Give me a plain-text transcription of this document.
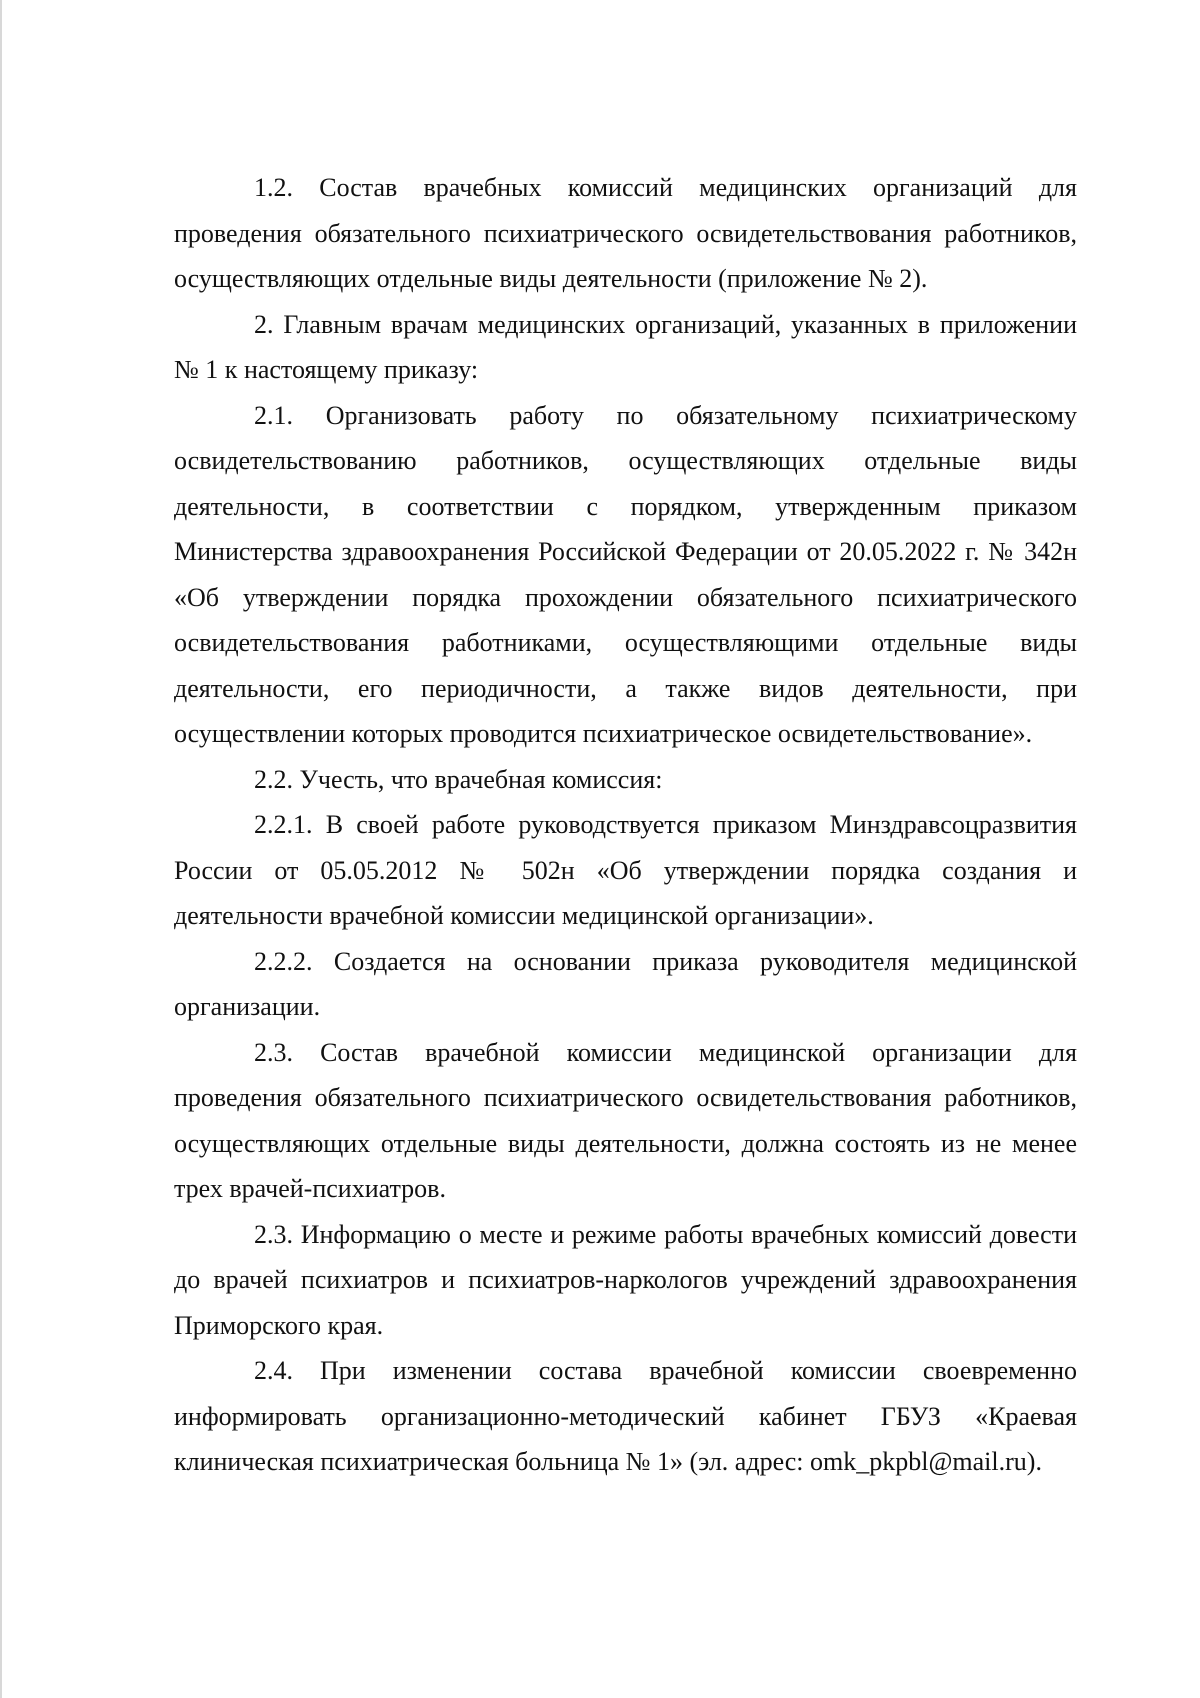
1.2. Состав врачебных комиссий медицинских организаций для проведения обязательного психиатрического освидетельствования работников, осуществляющих отдельные виды деятельности (приложение № 2).

2. Главным врачам медицинских организаций, указанных в приложении № 1 к настоящему приказу:

2.1. Организовать работу по обязательному психиатрическому освидетельствованию работников, осуществляющих отдельные виды деятельности, в соответствии с порядком, утвержденным приказом Министерства здравоохранения Российской Федерации от 20.05.2022 г. № 342н «Об утверждении порядка прохождении обязательного психиатрического освидетельствования работниками, осуществляющими отдельные виды деятельности, его периодичности, а также видов деятельности, при осуществлении которых проводится психиатрическое освидетельствование».

2.2. Учесть, что врачебная комиссия:

2.2.1. В своей работе руководствуется приказом Минздравсоцразвития России от 05.05.2012 № 502н «Об утверждении порядка создания и деятельности врачебной комиссии медицинской организации».

2.2.2. Создается на основании приказа руководителя медицинской организации.

2.3. Состав врачебной комиссии медицинской организации для проведения обязательного психиатрического освидетельствования работников, осуществляющих отдельные виды деятельности, должна состоять из не менее трех врачей-психиатров.

2.3. Информацию о месте и режиме работы врачебных комиссий довести до врачей психиатров и психиатров-наркологов учреждений здравоохранения Приморского края.

2.4. При изменении состава врачебной комиссии своевременно информировать организационно-методический кабинет ГБУЗ «Краевая клиническая психиатрическая больница № 1» (эл. адрес: omk_pkpbl@mail.ru).
